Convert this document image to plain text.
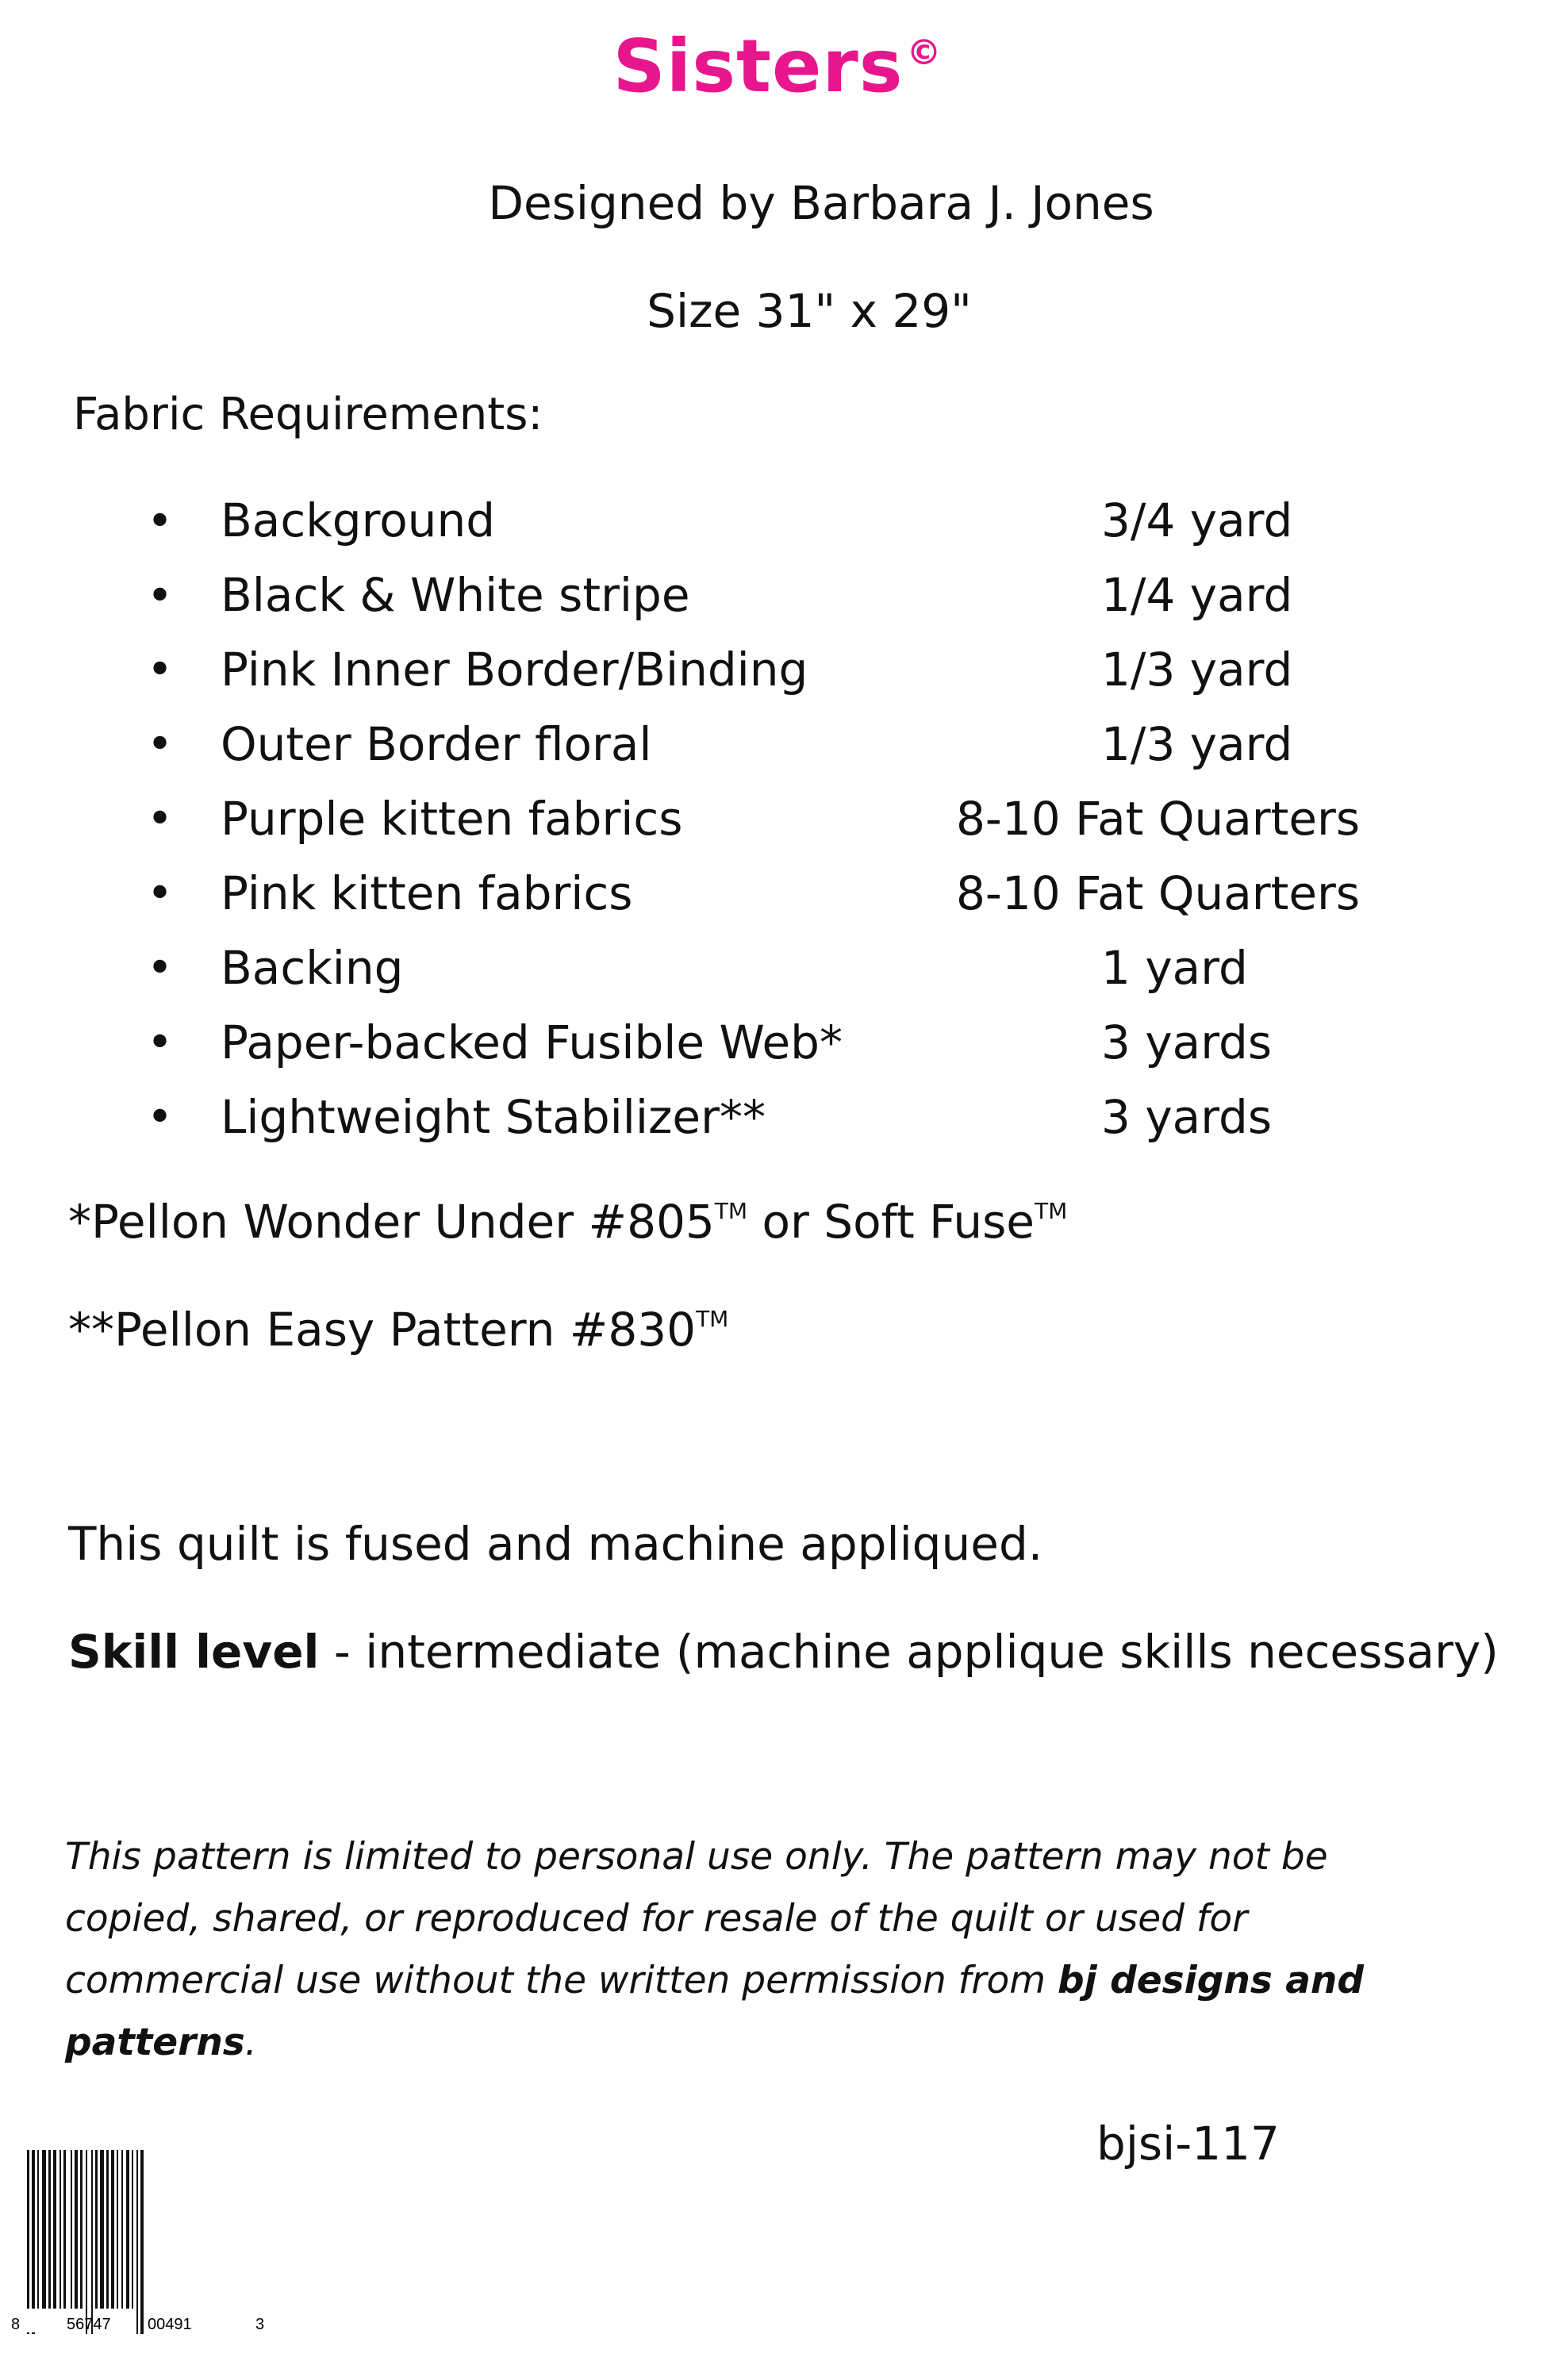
Sisters©
Designed by Barbara J. Jones
Size 31" x 29"
Fabric Requirements:
• Background	3/4 yard
• Black & White stripe	1/4 yard
• Pink Inner Border/Binding	1/3 yard
• Outer Border floral	1/3 yard
• Purple kitten fabrics	8-10 Fat Quarters
• Pink kitten fabrics	8-10 Fat Quarters
• Backing	1 yard
• Paper-backed Fusible Web*	3 yards
• Lightweight Stabilizer**	3 yards
*Pellon Wonder Under #805™ or Soft Fuse™
**Pellon Easy Pattern #830™
This quilt is fused and machine appliqued.
Skill level - intermediate (machine applique skills necessary)
This pattern is limited to personal use only. The pattern may not be copied, shared, or reproduced for resale of the quilt or used for commercial use without the written permission from bj designs and patterns.
bjsi-117
8	56747 00491	3
